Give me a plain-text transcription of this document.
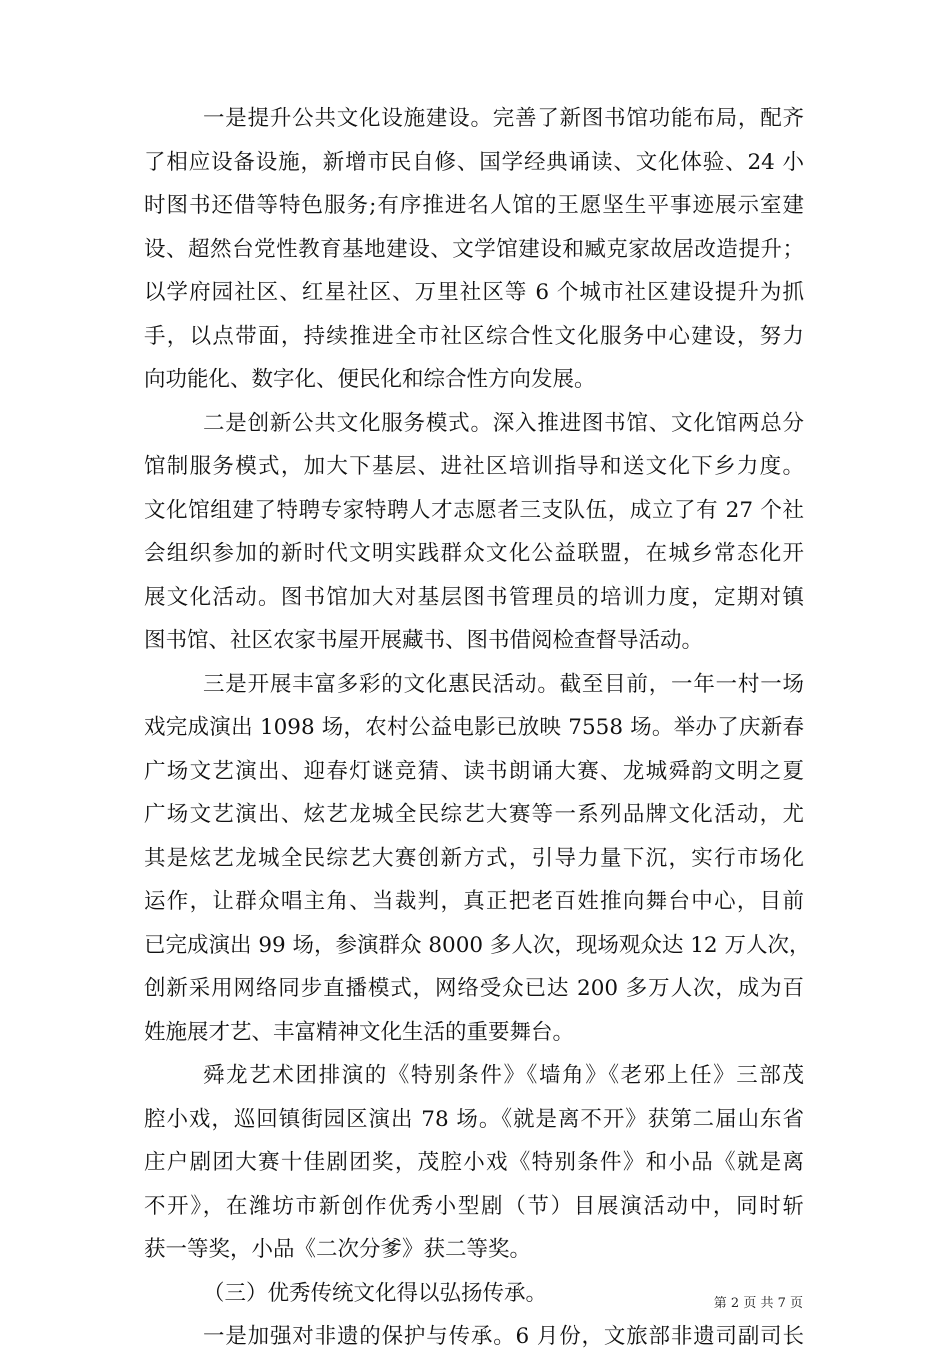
一是提升公共文化设施建设。完善了新图书馆功能布局，配齐
了相应设备设施，新增市民自修、国学经典诵读、文化体验、24 小
时图书还借等特色服务;有序推进名人馆的王愿坚生平事迹展示室建
设、超然台党性教育基地建设、文学馆建设和臧克家故居改造提升；
以学府园社区、红星社区、万里社区等 6 个城市社区建设提升为抓
手，以点带面，持续推进全市社区综合性文化服务中心建设，努力
向功能化、数字化、便民化和综合性方向发展。
二是创新公共文化服务模式。深入推进图书馆、文化馆两总分
馆制服务模式，加大下基层、进社区培训指导和送文化下乡力度。
文化馆组建了特聘专家特聘人才志愿者三支队伍，成立了有 27 个社
会组织参加的新时代文明实践群众文化公益联盟，在城乡常态化开
展文化活动。图书馆加大对基层图书管理员的培训力度，定期对镇
图书馆、社区农家书屋开展藏书、图书借阅检查督导活动。
三是开展丰富多彩的文化惠民活动。截至目前，一年一村一场
戏完成演出 1098 场，农村公益电影已放映 7558 场。举办了庆新春
广场文艺演出、迎春灯谜竞猜、读书朗诵大赛、龙城舜韵文明之夏
广场文艺演出、炫艺龙城全民综艺大赛等一系列品牌文化活动，尤
其是炫艺龙城全民综艺大赛创新方式，引导力量下沉，实行市场化
运作，让群众唱主角、当裁判，真正把老百姓推向舞台中心，目前
已完成演出 99 场，参演群众 8000 多人次，现场观众达 12 万人次，
创新采用网络同步直播模式，网络受众已达 200 多万人次，成为百
姓施展才艺、丰富精神文化生活的重要舞台。
舜龙艺术团排演的《特别条件》《墙角》《老邪上任》三部茂
腔小戏，巡回镇街园区演出 78 场。《就是离不开》获第二届山东省
庄户剧团大赛十佳剧团奖，茂腔小戏《特别条件》和小品《就是离
不开》，在潍坊市新创作优秀小型剧（节）目展演活动中，同时斩
获一等奖，小品《二次分爹》获二等奖。
（三）优秀传统文化得以弘扬传承。
一是加强对非遗的保护与传承。6 月份，文旅部非遗司副司长
第 2 页 共 7 页
